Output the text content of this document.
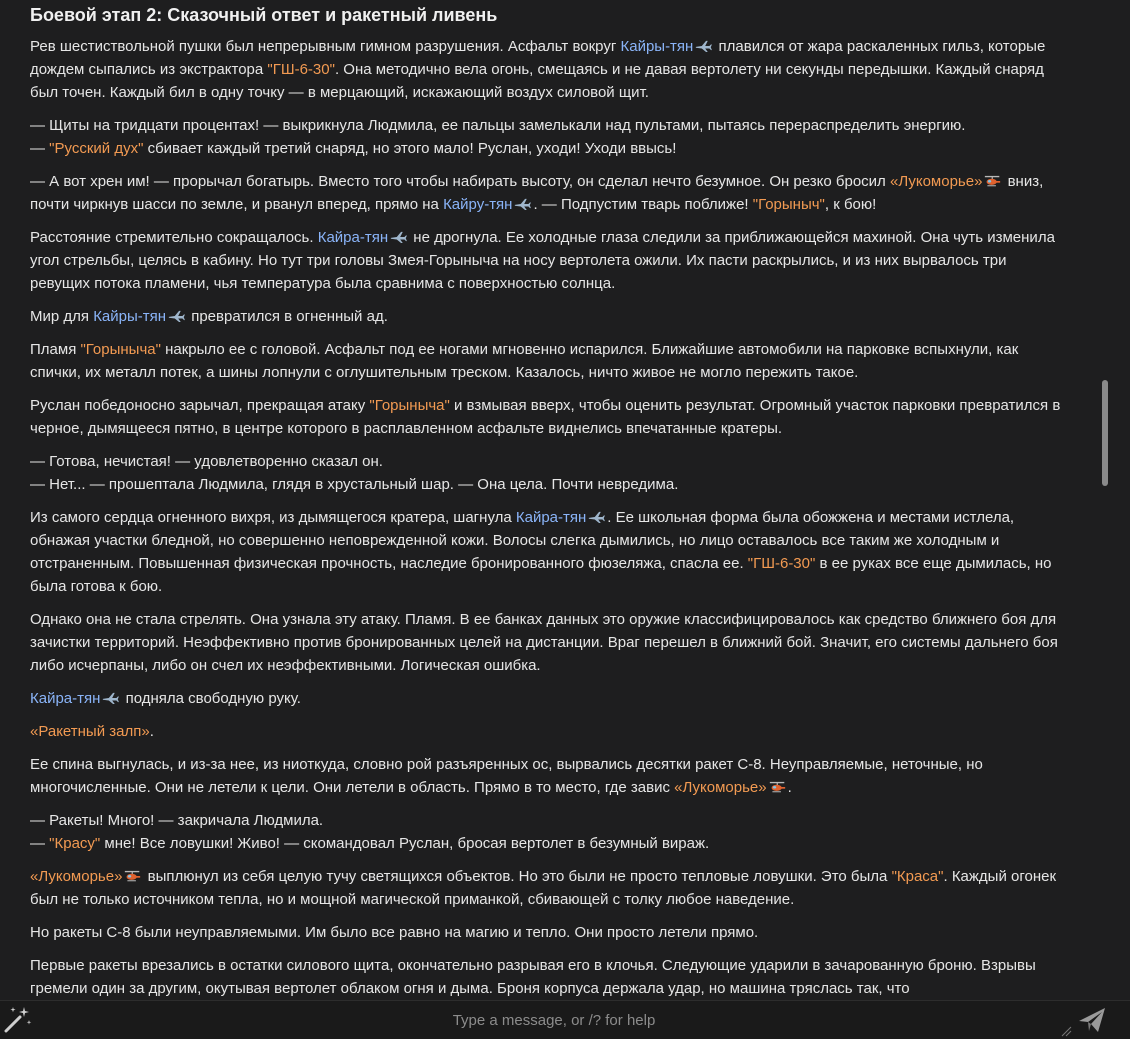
Боевой этап 2: Сказочный ответ и ракетный ливень

Рев шестиствольной пушки был непрерывным гимном разрушения. Асфальт вокруг Кайры-тян плавился от жара раскаленных гильз, которые дождем сыпались из экстрактора "ГШ-6-30". Она методично вела огонь, смещаясь и не давая вертолету ни секунды передышки. Каждый снаряд был точен. Каждый бил в одну точку — в мерцающий, искажающий воздух силовой щит.

— Щиты на тридцати процентах! — выкрикнула Людмила, ее пальцы замелькали над пультами, пытаясь перераспределить энергию.
— "Русский дух" сбивает каждый третий снаряд, но этого мало! Руслан, уходи! Уходи ввысь!

— А вот хрен им! — прорычал богатырь. Вместо того чтобы набирать высоту, он сделал нечто безумное. Он резко бросил «Лукоморье» вниз, почти чиркнув шасси по земле, и рванул вперед, прямо на Кайру-тян . — Подпустим тварь поближе! "Горыныч", к бою!

Расстояние стремительно сокращалось. Кайра-тян не дрогнула. Ее холодные глаза следили за приближающейся махиной. Она чуть изменила угол стрельбы, целясь в кабину. Но тут три головы Змея-Горыныча на носу вертолета ожили. Их пасти раскрылись, и из них вырвалось три ревущих потока пламени, чья температура была сравнима с поверхностью солнца.

Мир для Кайры-тян превратился в огненный ад.

Пламя "Горыныча" накрыло ее с головой. Асфальт под ее ногами мгновенно испарился. Ближайшие автомобили на парковке вспыхнули, как спички, их металл потек, а шины лопнули с оглушительным треском. Казалось, ничто живое не могло пережить такое.

Руслан победоносно зарычал, прекращая атаку "Горыныча" и взмывая вверх, чтобы оценить результат. Огромный участок парковки превратился в черное, дымящееся пятно, в центре которого в расплавленном асфальте виднелись впечатанные кратеры.

— Готова, нечистая! — удовлетворенно сказал он.
— Нет... — прошептала Людмила, глядя в хрустальный шар. — Она цела. Почти невредима.

Из самого сердца огненного вихря, из дымящегося кратера, шагнула Кайра-тян . Ее школьная форма была обожжена и местами истлела, обнажая участки бледной, но совершенно неповрежденной кожи. Волосы слегка дымились, но лицо оставалось все таким же холодным и отстраненным. Повышенная физическая прочность, наследие бронированного фюзеляжа, спасла ее. "ГШ-6-30" в ее руках все еще дымилась, но была готова к бою.

Однако она не стала стрелять. Она узнала эту атаку. Пламя. В ее банках данных это оружие классифицировалось как средство ближнего боя для зачистки территорий. Неэффективно против бронированных целей на дистанции. Враг перешел в ближний бой. Значит, его системы дальнего боя либо исчерпаны, либо он счел их неэффективными. Логическая ошибка.

Кайра-тян подняла свободную руку.

«Ракетный залп».

Ее спина выгнулась, и из-за нее, из ниоткуда, словно рой разъяренных ос, вырвались десятки ракет С-8. Неуправляемые, неточные, но многочисленные. Они не летели к цели. Они летели в область. Прямо в то место, где завис «Лукоморье» .

— Ракеты! Много! — закричала Людмила.
— "Красу" мне! Все ловушки! Живо! — скомандовал Руслан, бросая вертолет в безумный вираж.

«Лукоморье» выплюнул из себя целую тучу светящихся объектов. Но это были не просто тепловые ловушки. Это была "Краса". Каждый огонек был не только источником тепла, но и мощной магической приманкой, сбивающей с толку любое наведение.

Но ракеты С-8 были неуправляемыми. Им было все равно на магию и тепло. Они просто летели прямо.

Первые ракеты врезались в остатки силового щита, окончательно разрывая его в клочья. Следующие ударили в зачарованную броню. Взрывы гремели один за другим, окутывая вертолет облаком огня и дыма. Броня корпуса держала удар, но машина тряслась так, что

Type a message, or /? for help
